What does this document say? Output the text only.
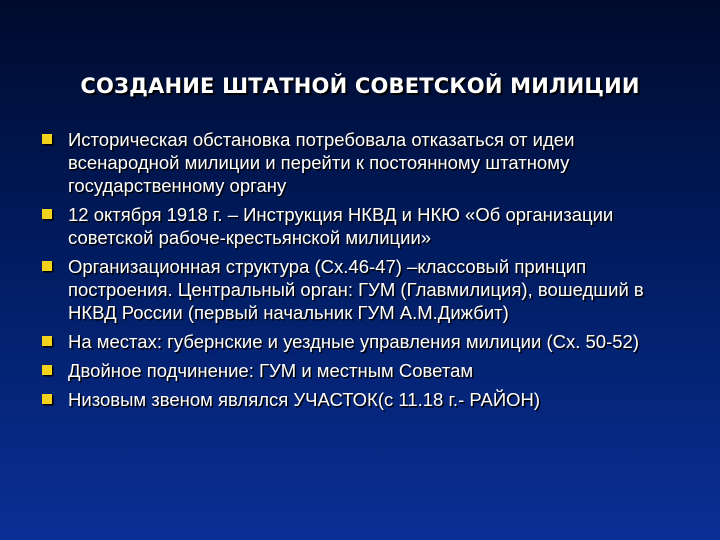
СОЗДАНИЕ ШТАТНОЙ СОВЕТСКОЙ МИЛИЦИИ
Историческая обстановка потребовала отказаться от идеи всенародной милиции и перейти к постоянному штатному государственному органу
12 октября 1918 г. – Инструкция НКВД и НКЮ «Об организации советской рабоче-крестьянской милиции»
Организационная структура (Сх.46-47) –классовый принцип построения. Центральный орган: ГУМ (Главмилиция), вошедший в НКВД России (первый начальник ГУМ А.М.Дижбит)
На местах: губернские и уездные управления милиции (Сх. 50-52)
Двойное подчинение: ГУМ и местным Советам
Низовым звеном являлся УЧАСТОК(с 11.18 г.- РАЙОН)
